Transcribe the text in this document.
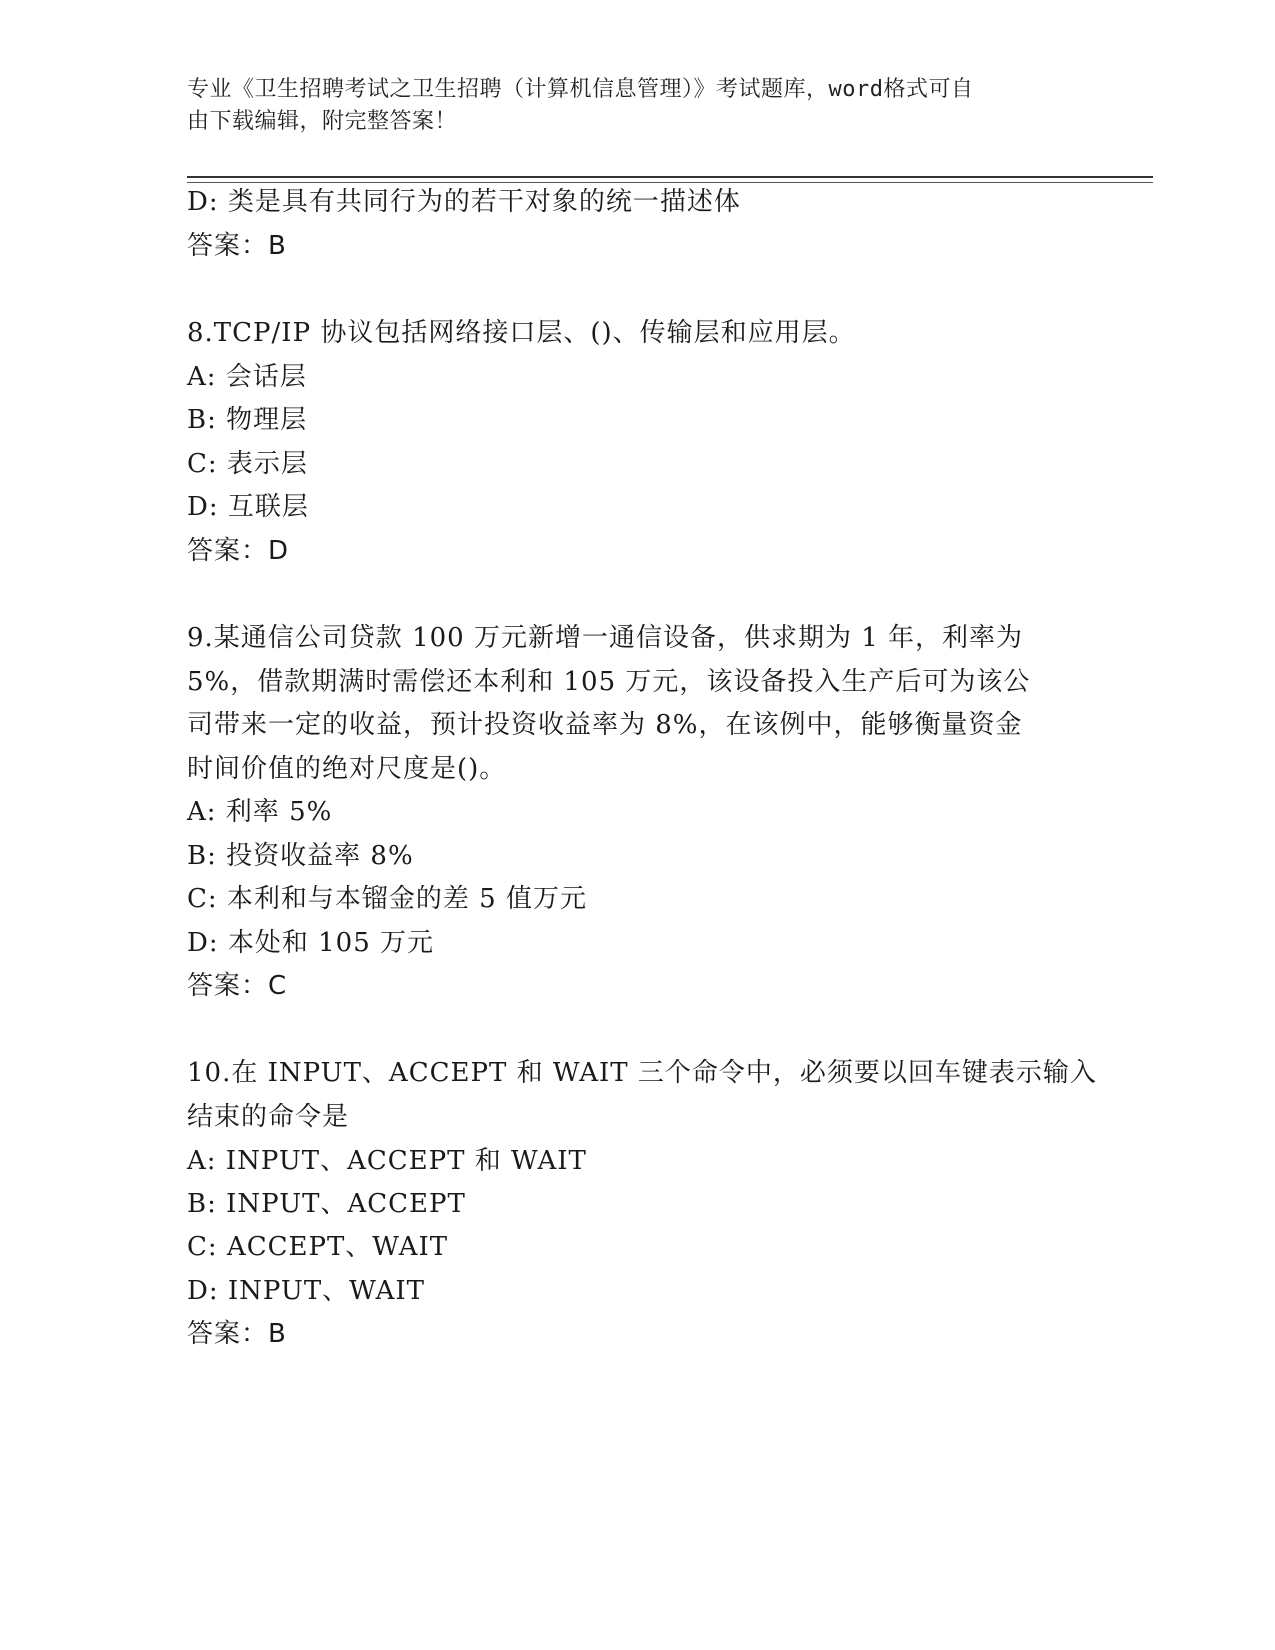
专业《卫生招聘考试之卫生招聘（计算机信息管理）》考试题库，word格式可自
由下载编辑，附完整答案！
D: 类是具有共同行为的若干对象的统一描述体
答案：B
8.TCP/IP 协议包括网络接口层、()、传输层和应用层。
A: 会话层
B: 物理层
C: 表示层
D: 互联层
答案：D
9.某通信公司贷款 100 万元新增一通信设备，供求期为 1 年，利率为
5%，借款期满时需偿还本利和 105 万元，该设备投入生产后可为该公
司带来一定的收益，预计投资收益率为 8%，在该例中，能够衡量资金
时间价值的绝对尺度是()。
A: 利率 5%
B: 投资收益率 8%
C: 本利和与本镏金的差 5 值万元
D: 本处和 105 万元
答案：C
10.在 INPUT、ACCEPT 和 WAIT 三个命令中，必须要以回车键表示输入
结束的命令是
A: INPUT、ACCEPT 和 WAIT
B: INPUT、ACCEPT
C: ACCEPT、WAIT
D: INPUT、WAIT
答案：B
